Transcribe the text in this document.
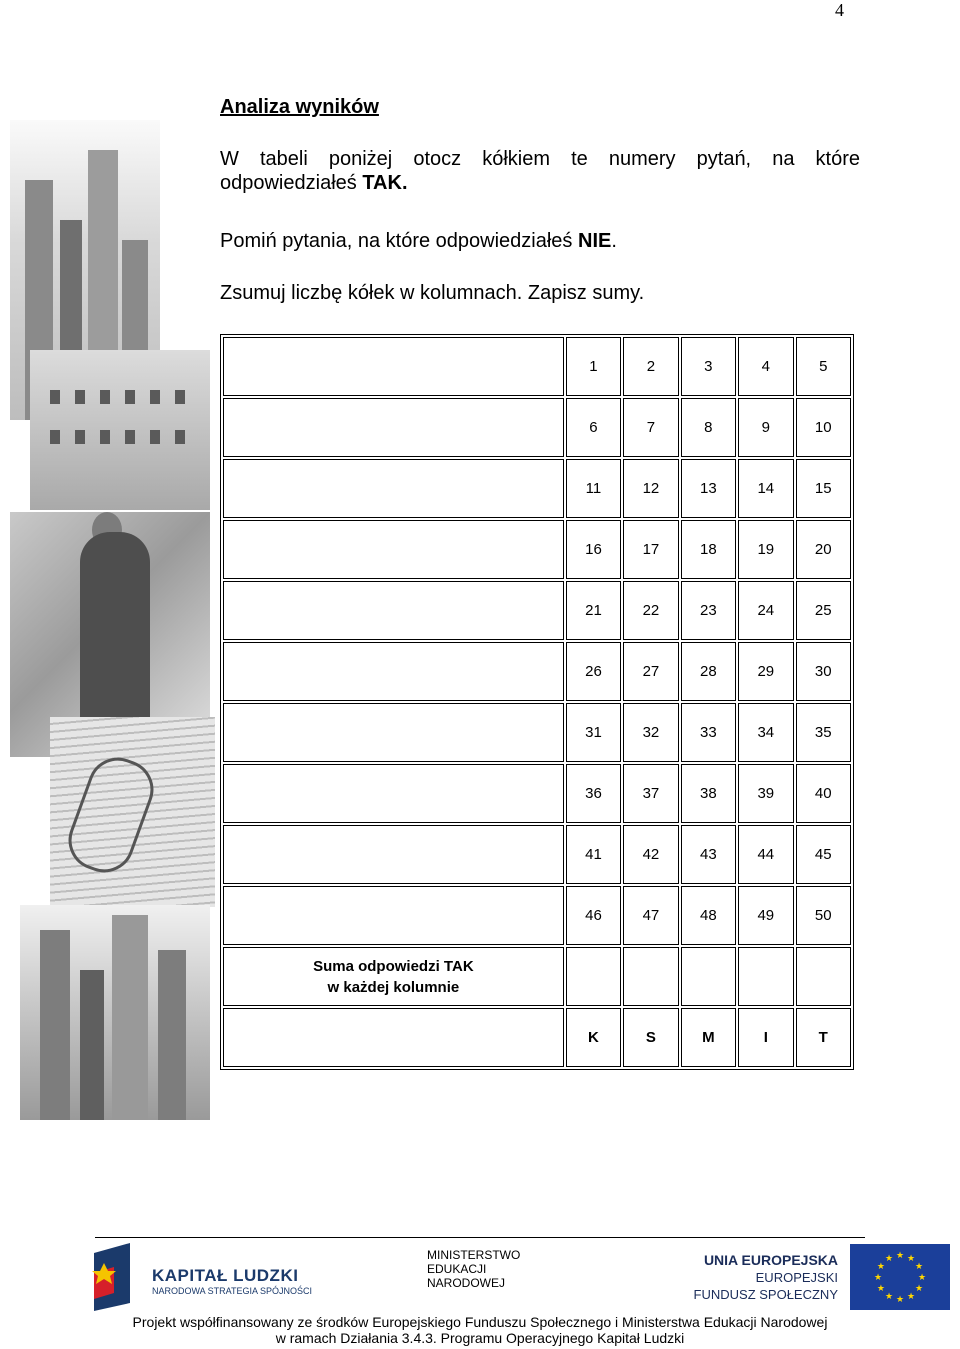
4
Analiza wyników

W tabeli poniżej otocz kółkiem te numery pytań, na które odpowiedziałeś TAK.

Pomiń pytania, na które odpowiedziałeś NIE.

Zsumuj liczbę kółek w kolumnach. Zapisz sumy.

	1	2	3	4	5
	6	7	8	9	10
	11	12	13	14	15
	16	17	18	19	20
	21	22	23	24	25
	26	27	28	29	30
	31	32	33	34	35
	36	37	38	39	40
	41	42	43	44	45
	46	47	48	49	50

Suma odpowiedzi TAK
w każdej kolumnie					

	K	S	M	I	T
KAPITAŁ LUDZKI
NARODOWA STRATEGIA SPÓJNOŚCI
MINISTERSTWO
EDUKACJI
NARODOWEJ
UNIA EUROPEJSKA
EUROPEJSKI
FUNDUSZ SPOŁECZNY
★ ★
★
★
★
★
★
★
★
★
★
★
Projekt współfinansowany ze środków Europejskiego Funduszu Społecznego i Ministerstwa Edukacji Narodowej
w ramach Działania 3.4.3. Programu Operacyjnego Kapitał Ludzki
